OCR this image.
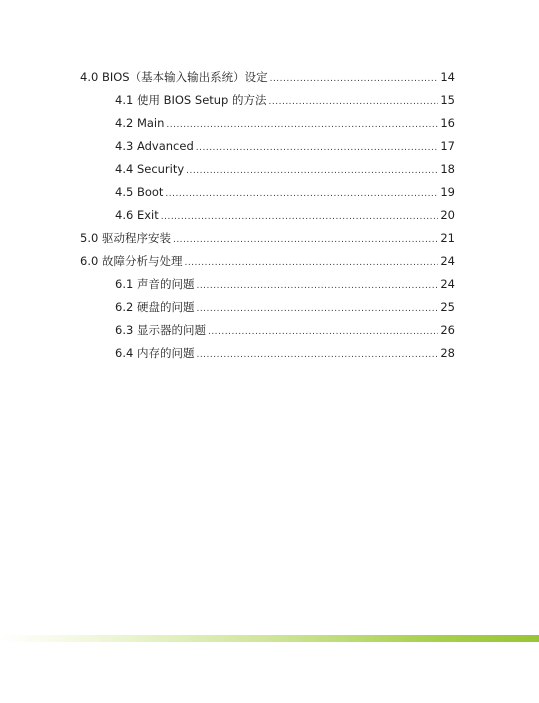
4.0 BIOS（基本输入输出系统）设定 .....	14
4.1 使用 BIOS Setup 的方法 .....	15
4.2 Main .....	16
4.3 Advanced .....	17
4.4 Security .....	18
4.5 Boot .....	19
4.6 Exit .....	20
5.0 驱动程序安装 .....	21
6.0 故障分析与处理 .....	24
6.1 声音的问题 .....	24
6.2 硬盘的问题 .....	25
6.3 显示器的问题 .....	26
6.4 内存的问题 .....	28
